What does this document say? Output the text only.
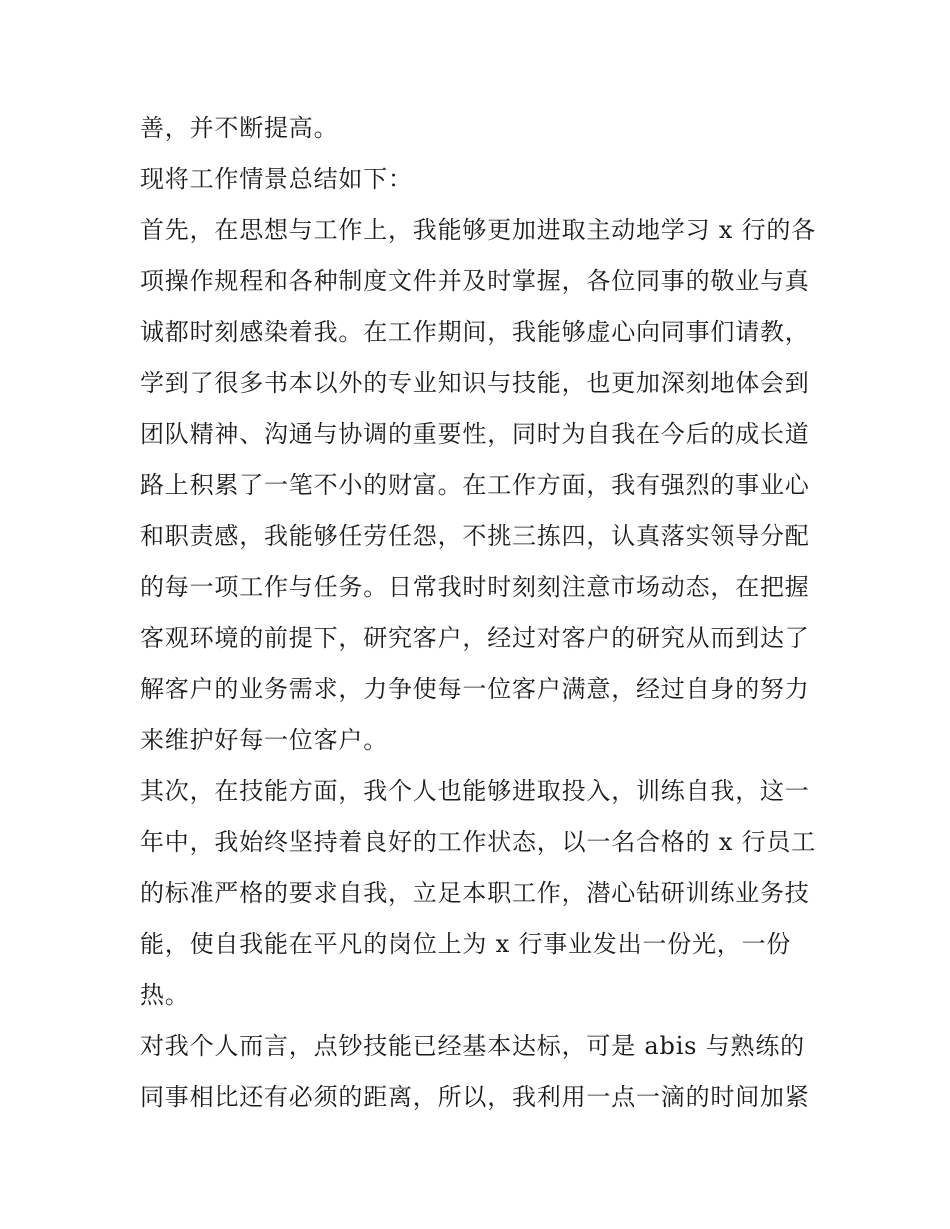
善，并不断提高。
现将工作情景总结如下：
首先，在思想与工作上，我能够更加进取主动地学习 x 行的各
项操作规程和各种制度文件并及时掌握，各位同事的敬业与真
诚都时刻感染着我。在工作期间，我能够虚心向同事们请教，
学到了很多书本以外的专业知识与技能，也更加深刻地体会到
团队精神、沟通与协调的重要性，同时为自我在今后的成长道
路上积累了一笔不小的财富。在工作方面，我有强烈的事业心
和职责感，我能够任劳任怨，不挑三拣四，认真落实领导分配
的每一项工作与任务。日常我时时刻刻注意市场动态，在把握
客观环境的前提下，研究客户，经过对客户的研究从而到达了
解客户的业务需求，力争使每一位客户满意，经过自身的努力
来维护好每一位客户。
其次，在技能方面，我个人也能够进取投入，训练自我，这一
年中，我始终坚持着良好的工作状态，以一名合格的 x 行员工
的标准严格的要求自我，立足本职工作，潜心钻研训练业务技
能，使自我能在平凡的岗位上为 x 行事业发出一份光，一份
热。
对我个人而言，点钞技能已经基本达标，可是 abis 与熟练的
同事相比还有必须的距离，所以，我利用一点一滴的时间加紧
